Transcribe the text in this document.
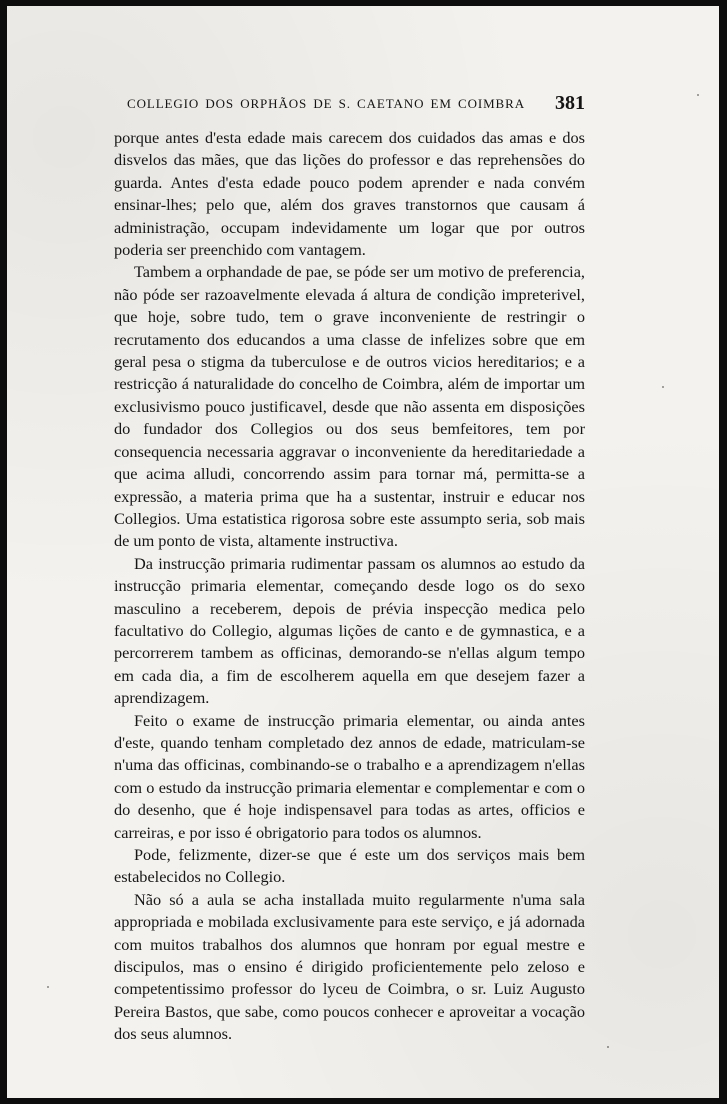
COLLEGIO DOS ORPHÃOS DE S. CAETANO EM COIMBRA 381

porque antes d'esta edade mais carecem dos cuidados das amas e dos disvelos das mães, que das lições do professor e das reprehensões do guarda. Antes d'esta edade pouco podem aprender e nada convém ensinar-lhes; pelo que, além dos graves transtornos que causam á administração, occupam indevidamente um logar que por outros poderia ser preenchido com vantagem.

Tambem a orphandade de pae, se póde ser um motivo de preferencia, não póde ser razoavelmente elevada á altura de condição impreterivel, que hoje, sobre tudo, tem o grave inconveniente de restringir o recrutamento dos educandos a uma classe de infelizes sobre que em geral pesa o stigma da tuberculose e de outros vicios hereditarios; e a restricção á naturalidade do concelho de Coimbra, além de importar um exclusivismo pouco justificavel, desde que não assenta em disposições do fundador dos Collegios ou dos seus bemfeitores, tem por consequencia necessaria aggravar o inconveniente da hereditariedade a que acima alludi, concorrendo assim para tornar má, permitta-se a expressão, a materia prima que ha a sustentar, instruir e educar nos Collegios. Uma estatistica rigorosa sobre este assumpto seria, sob mais de um ponto de vista, altamente instructiva.

Da instrucção primaria rudimentar passam os alumnos ao estudo da instrucção primaria elementar, começando desde logo os do sexo masculino a receberem, depois de prévia inspecção medica pelo facultativo do Collegio, algumas lições de canto e de gymnastica, e a percorrerem tambem as officinas, demorando-se n'ellas algum tempo em cada dia, a fim de escolherem aquella em que desejem fazer a aprendizagem.

Feito o exame de instrucção primaria elementar, ou ainda antes d'este, quando tenham completado dez annos de edade, matriculam-se n'uma das officinas, combinando-se o trabalho e a aprendizagem n'ellas com o estudo da instrucção primaria elementar e complementar e com o do desenho, que é hoje indispensavel para todas as artes, officios e carreiras, e por isso é obrigatorio para todos os alumnos.

Pode, felizmente, dizer-se que é este um dos serviços mais bem estabelecidos no Collegio.

Não só a aula se acha installada muito regularmente n'uma sala appropriada e mobilada exclusivamente para este serviço, e já adornada com muitos trabalhos dos alumnos que honram por egual mestre e discipulos, mas o ensino é dirigido proficientemente pelo zeloso e competentissimo professor do lyceu de Coimbra, o sr. Luiz Augusto Pereira Bastos, que sabe, como poucos conhecer e aproveitar a vocação dos seus alumnos.
